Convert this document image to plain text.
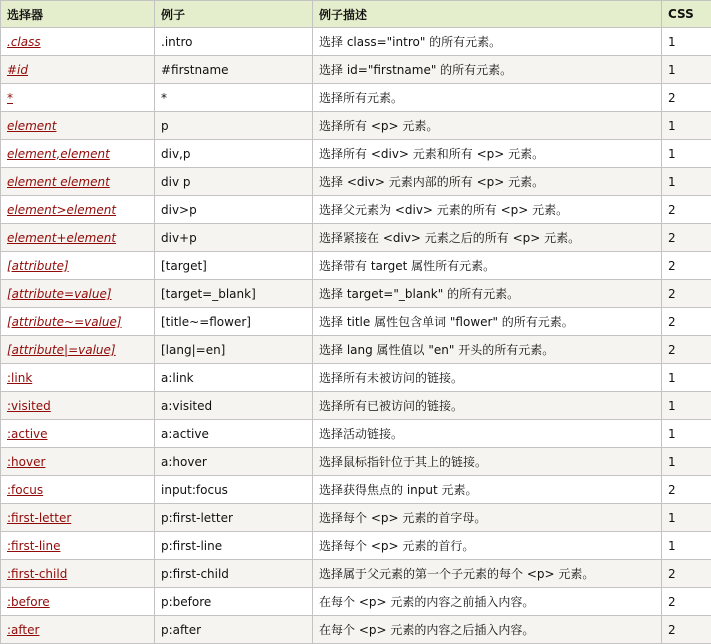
选择器	例子	例子描述	CSS
.class	.intro	选择 class="intro" 的所有元素。	1
#id	#firstname	选择 id="firstname" 的所有元素。	1
*	*	选择所有元素。	2
element	p	选择所有 <p> 元素。	1
element,element	div,p	选择所有 <div> 元素和所有 <p> 元素。	1
element element	div p	选择 <div> 元素内部的所有 <p> 元素。	1
element>element	div>p	选择父元素为 <div> 元素的所有 <p> 元素。	2
element+element	div+p	选择紧接在 <div> 元素之后的所有 <p> 元素。	2
[attribute]	[target]	选择带有 target 属性所有元素。	2
[attribute=value]	[target=_blank]	选择 target="_blank" 的所有元素。	2
[attribute~=value]	[title~=flower]	选择 title 属性包含单词 "flower" 的所有元素。	2
[attribute|=value]	[lang|=en]	选择 lang 属性值以 "en" 开头的所有元素。	2
:link	a:link	选择所有未被访问的链接。	1
:visited	a:visited	选择所有已被访问的链接。	1
:active	a:active	选择活动链接。	1
:hover	a:hover	选择鼠标指针位于其上的链接。	1
:focus	input:focus	选择获得焦点的 input 元素。	2
:first-letter	p:first-letter	选择每个 <p> 元素的首字母。	1
:first-line	p:first-line	选择每个 <p> 元素的首行。	1
:first-child	p:first-child	选择属于父元素的第一个子元素的每个 <p> 元素。	2
:before	p:before	在每个 <p> 元素的内容之前插入内容。	2
:after	p:after	在每个 <p> 元素的内容之后插入内容。	2
